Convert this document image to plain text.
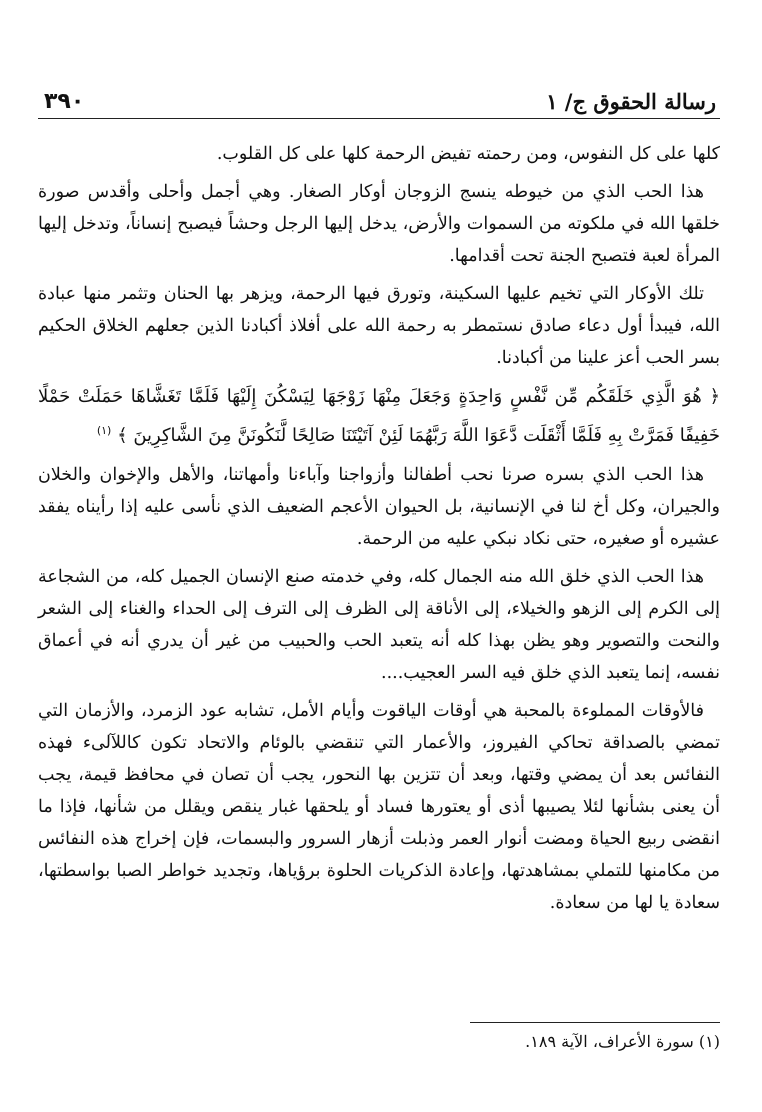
رسالة الحقوق ج/ ١
٣٩٠

كلها على كل النفوس، ومن رحمته تفيض الرحمة كلها على كل القلوب.

هذا الحب الذي من خيوطه ينسج الزوجان أوكار الصغار. وهي أجمل وأحلى وأقدس صورة خلقها الله في ملكوته من السموات والأرض، يدخل إليها الرجل وحشاً فيصبح إنساناً، وتدخل إليها المرأة لعبة فتصبح الجنة تحت أقدامها.

تلك الأوكار التي تخيم عليها السكينة، وتورق فيها الرحمة، ويزهر بها الحنان وتثمر منها عبادة الله، فيبدأ أول دعاء صادق نستمطر به رحمة الله على أفلاذ أكبادنا الذين جعلهم الخلاق الحكيم بسر الحب أعز علينا من أكبادنا.

﴿ هُوَ الَّذِي خَلَقَكُم مِّن نَّفْسٍ وَاحِدَةٍ وَجَعَلَ مِنْهَا زَوْجَهَا لِيَسْكُنَ إِلَيْهَا فَلَمَّا تَغَشَّاهَا حَمَلَتْ حَمْلًا خَفِيفًا فَمَرَّتْ بِهِ فَلَمَّا أَثْقَلَت دَّعَوَا اللَّهَ رَبَّهُمَا لَئِنْ آتَيْتَنَا صَالِحًا لَّنَكُونَنَّ مِنَ الشَّاكِرِينَ ﴾ $^{(١)}$

هذا الحب الذي بسره صرنا نحب أطفالنا وأزواجنا وآباءنا وأمهاتنا، والأهل والإخوان والخلان والجيران، وكل أخ لنا في الإنسانية، بل الحيوان الأعجم الضعيف الذي نأسى عليه إذا رأيناه يفقد عشيره أو صغيره، حتى نكاد نبكي عليه من الرحمة.

هذا الحب الذي خلق الله منه الجمال كله، وفي خدمته صنع الإنسان الجميل كله، من الشجاعة إلى الكرم إلى الزهو والخيلاء، إلى الأناقة إلى الظرف إلى الترف إلى الحداء والغناء إلى الشعر والنحت والتصوير وهو يظن بهذا كله أنه يتعبد الحب والحبيب من غير أن يدري أنه في أعماق نفسه، إنما يتعبد الذي خلق فيه السر العجيب....

فالأوقات المملوءة بالمحبة هي أوقات الياقوت وأيام الأمل، تشابه عود الزمرد، والأزمان التي تمضي بالصداقة تحاكي الفيروز، والأعمار التي تنقضي بالوئام والاتحاد تكون كاللآلىء فهذه النفائس بعد أن يمضي وقتها، وبعد أن تتزين بها النحور، يجب أن تصان في محافظ قيمة، يجب أن يعنى بشأنها لئلا يصيبها أذى أو يعتورها فساد أو يلحقها غبار ينقص ويقلل من شأنها، فإذا ما انقضى ربيع الحياة ومضت أنوار العمر وذبلت أزهار السرور والبسمات، فإن إخراج هذه النفائس من مكامنها للتملي بمشاهدتها، وإعادة الذكريات الحلوة برؤياها، وتجديد خواطر الصبا بواسطتها، سعادة يا لها من سعادة.

(١) سورة الأعراف، الآية ١٨٩.
